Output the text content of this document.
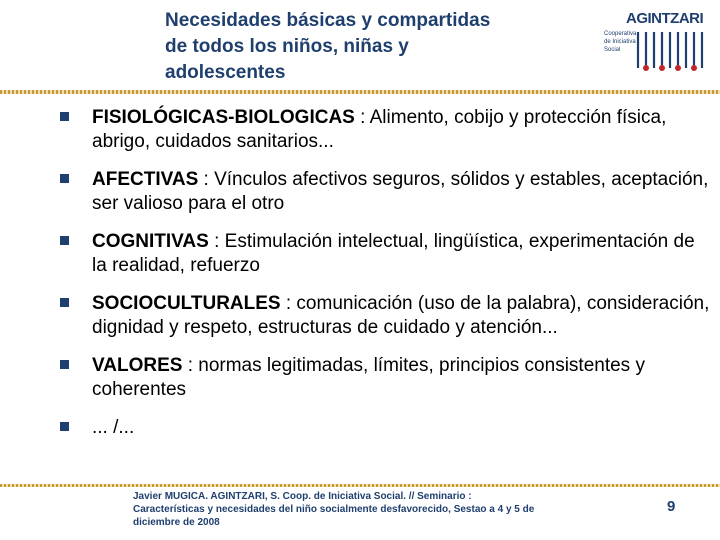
Necesidades básicas y compartidas
de todos los niños, niñas y
adolescentes
AGINTZARI
Cooperativa
de Iniciativa
Social
FISIOLÓGICAS-BIOLOGICAS : Alimento, cobijo y protección física, abrigo, cuidados sanitarios...
AFECTIVAS : Vínculos afectivos seguros, sólidos y estables, aceptación, ser valioso para el otro
COGNITIVAS : Estimulación intelectual, lingüística, experimentación de la realidad, refuerzo
SOCIOCULTURALES : comunicación (uso de la palabra), consideración, dignidad y respeto, estructuras de cuidado y atención...
VALORES : normas legitimadas, límites, principios consistentes y coherentes
... /...
Javier MUGICA. AGINTZARI, S. Coop. de Iniciativa Social. // Seminario :
Características y necesidades del niño socialmente desfavorecido, Sestao a 4 y 5 de
diciembre de 2008
9
